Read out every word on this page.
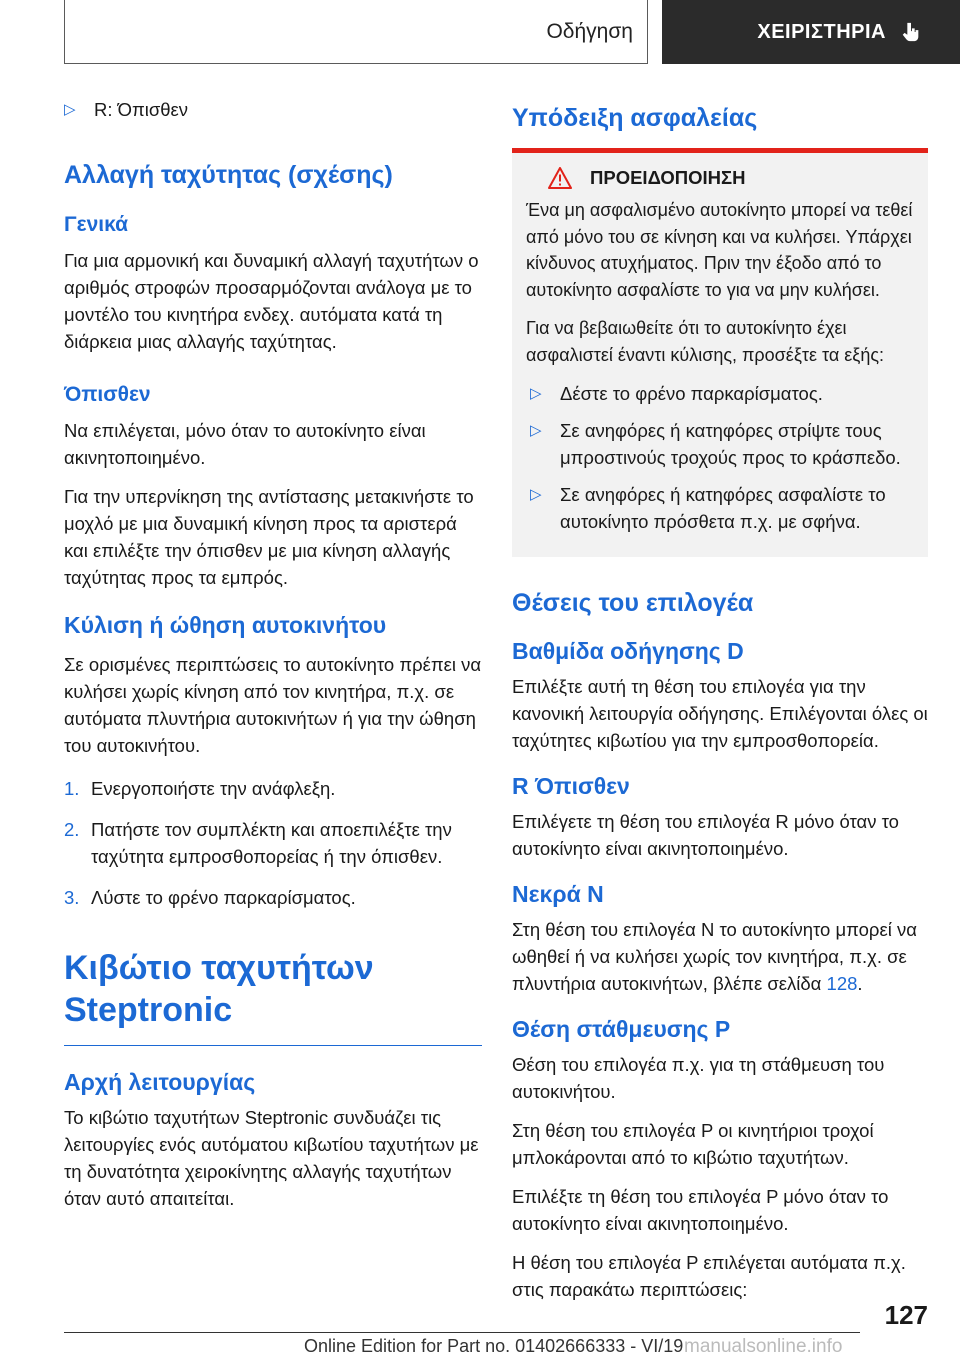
Οδήγηση	ΧΕΙΡΙΣΤΗΡΙΑ
▷ R: Όπισθεν
Αλλαγή ταχύτητας (σχέσης)
Γενικά

Για μια αρμονική και δυναμική αλλαγή ταχυτήτων ο αριθμός στροφών προσαρμόζονται ανάλογα με το μοντέλο του κινητήρα ενδεχ. αυτόματα κατά τη διάρκεια μιας αλλαγής ταχύτητας.

Όπισθεν

Να επιλέγεται, μόνο όταν το αυτοκίνητο είναι ακινητοποιημένο.

Για την υπερνίκηση της αντίστασης μετακινήστε το μοχλό με μια δυναμική κίνηση προς τα αριστερά και επιλέξτε την όπισθεν με μια κίνηση αλλαγής ταχύτητας προς τα εμπρός.

Κύλιση ή ώθηση αυτοκινήτου

Σε ορισμένες περιπτώσεις το αυτοκίνητο πρέπει να κυλήσει χωρίς κίνηση από τον κινητήρα, π.χ. σε αυτόματα πλυντήρια αυτοκινήτων ή για την ώθηση του αυτοκινήτου.

1. Ενεργοποιήστε την ανάφλεξη.
2. Πατήστε τον συμπλέκτη και αποεπιλέξτε την ταχύτητα εμπροσθοπορείας ή την όπισθεν.
3. Λύστε το φρένο παρκαρίσματος.
Κιβώτιο ταχυτήτων Steptronic
Αρχή λειτουργίας

Το κιβώτιο ταχυτήτων Steptronic συνδυάζει τις λειτουργίες ενός αυτόματου κιβωτίου ταχυτήτων με τη δυνατότητα χειροκίνητης αλλαγής ταχυτήτων όταν αυτό απαιτείται.

Υπόδειξη ασφαλείας
ΠΡΟΕΙΔΟΠΟΙΗΣΗ

Ένα μη ασφαλισμένο αυτοκίνητο μπορεί να τεθεί από μόνο του σε κίνηση και να κυλήσει. Υπάρχει κίνδυνος ατυχήματος. Πριν την έξοδο από το αυτοκίνητο ασφαλίστε το για να μην κυλήσει.

Για να βεβαιωθείτε ότι το αυτοκίνητο έχει ασφαλιστεί έναντι κύλισης, προσέξτε τα εξής:

▷ Δέστε το φρένο παρκαρίσματος.
▷ Σε ανηφόρες ή κατηφόρες στρίψτε τους μπροστινούς τροχούς προς το κράσπεδο.
▷ Σε ανηφόρες ή κατηφόρες ασφαλίστε το αυτοκίνητο πρόσθετα π.χ. με σφήνα.
Θέσεις του επιλογέα
Βαθμίδα οδήγησης D

Επιλέξτε αυτή τη θέση του επιλογέα για την κανονική λειτουργία οδήγησης. Επιλέγονται όλες οι ταχύτητες κιβωτίου για την εμπροσθοπορεία.

R Όπισθεν

Επιλέγετε τη θέση του επιλογέα R μόνο όταν το αυτοκίνητο είναι ακινητοποιημένο.

Νεκρά N

Στη θέση του επιλογέα N το αυτοκίνητο μπορεί να ωθηθεί ή να κυλήσει χωρίς τον κινητήρα, π.χ. σε πλυντήρια αυτοκινήτων, βλέπε σελίδα 128.

Θέση στάθμευσης P

Θέση του επιλογέα π.χ. για τη στάθμευση του αυτοκινήτου.

Στη θέση του επιλογέα P οι κινητήριοι τροχοί μπλοκάρονται από το κιβώτιο ταχυτήτων.

Επιλέξτε τη θέση του επιλογέα P μόνο όταν το αυτοκίνητο είναι ακινητοποιημένο.

Η θέση του επιλογέα P επιλέγεται αυτόματα π.χ. στις παρακάτω περιπτώσεις:

127
Online Edition for Part no. 01402666333 - VI/19 manualsonline.info
